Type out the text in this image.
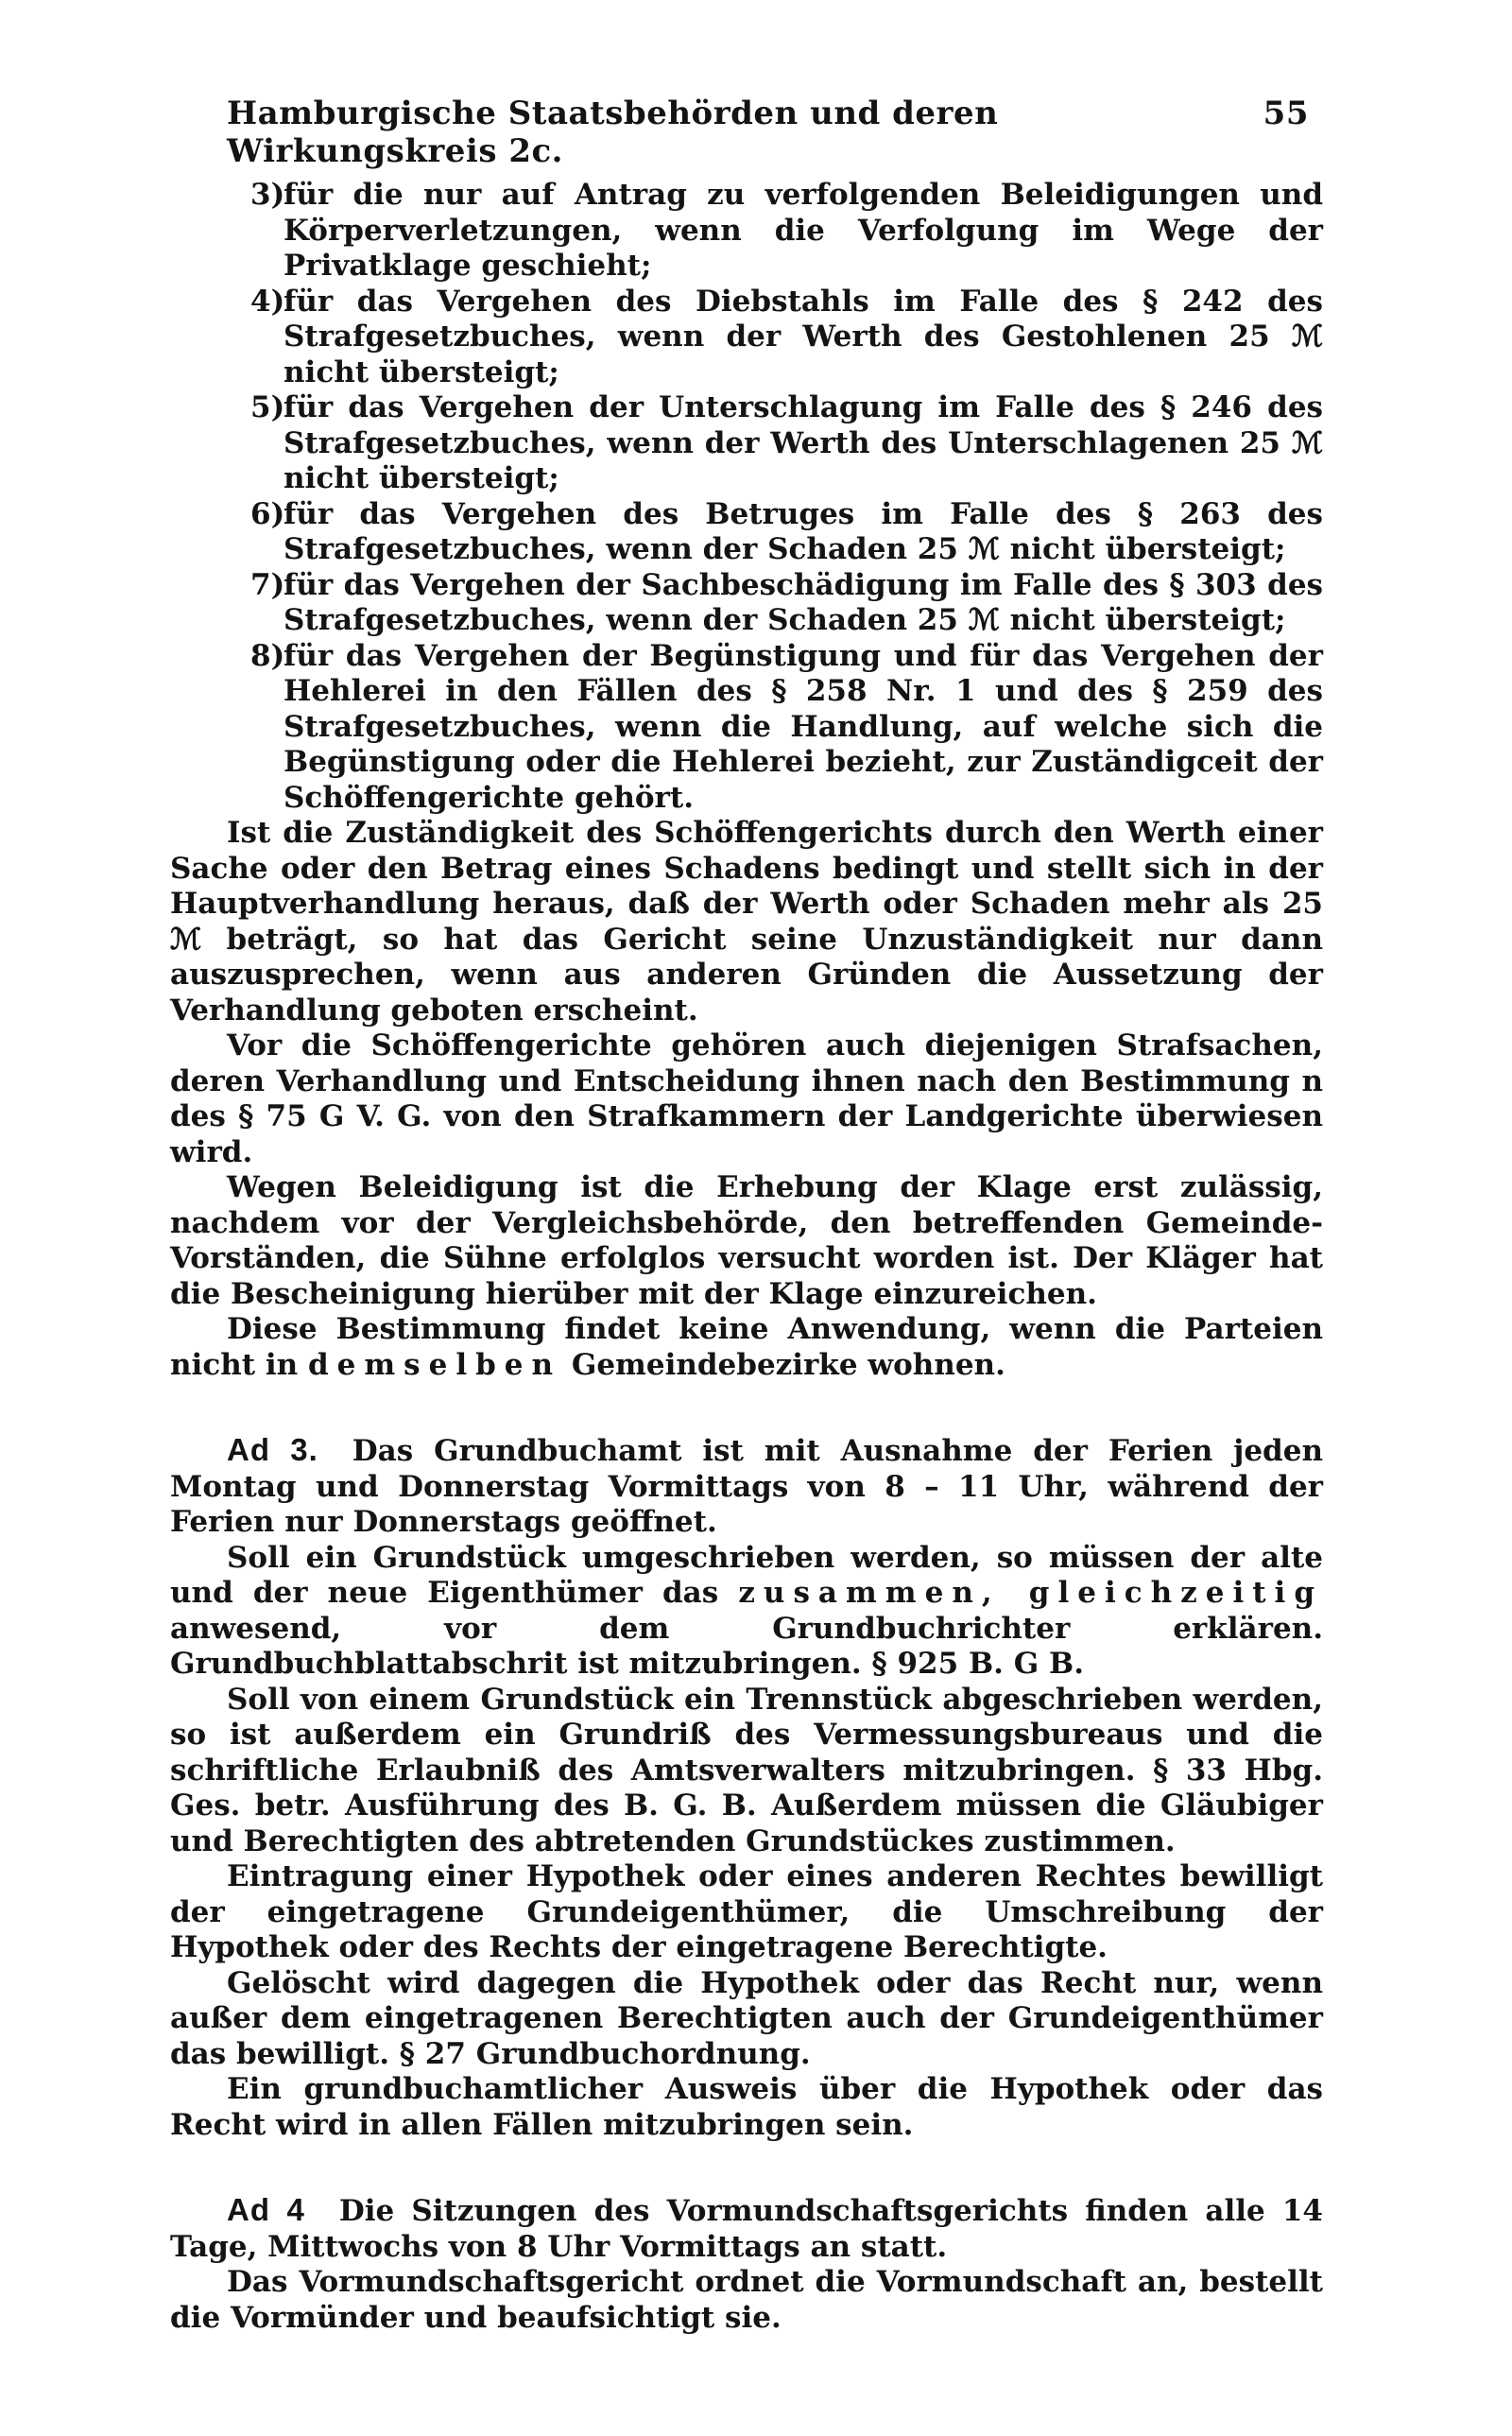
Hamburgische Staatsbehörden und deren Wirkungskreis 2c.
55
3 ) für die nur auf Antrag zu verfolgenden Beleidigungen und Körperverletzungen, wenn die Verfolgung im Wege der Privatklage geschieht;

4 ) für das Vergehen des Diebstahls im Falle des § 242 des Strafgesetzbuches, wenn der Werth des Gestohlenen 25 ℳ nicht übersteigt;

5 ) für das Vergehen der Unterschlagung im Falle des § 246 des Strafgesetzbuches, wenn der Werth des Unterschlagenen 25 ℳ nicht übersteigt;

6 ) für das Vergehen des Betruges im Falle des § 263 des Strafgesetzbuches, wenn der Schaden 25 ℳ nicht übersteigt;

7 ) für das Vergehen der Sachbeschädigung im Falle des § 303 des Strafgesetzbuches, wenn der Schaden 25 ℳ nicht übersteigt;

8 ) für das Vergehen der Begünstigung und für das Vergehen der Hehlerei in den Fällen des § 258 Nr. 1 und des § 259 des Strafgesetzbuches, wenn die Handlung, auf welche sich die Begünstigung oder die Hehlerei bezieht, zur Zuständigceit der Schöffengerichte gehört.

Ist die Zuständigkeit des Schöffengerichts durch den Werth einer Sache oder den Betrag eines Schadens bedingt und stellt sich in der Hauptverhandlung heraus, daß der Werth oder Schaden mehr als 25 ℳ beträgt, so hat das Gericht seine Unzuständigkeit nur dann auszusprechen, wenn aus anderen Gründen die Aussetzung der Verhandlung geboten erscheint.

Vor die Schöffengerichte gehören auch diejenigen Strafsachen, deren Verhandlung und Entscheidung ihnen nach den Bestimmung n des § 75 G V. G. von den Strafkammern der Landgerichte überwiesen wird.

Wegen Beleidigung ist die Erhebung der Klage erst zulässig, nachdem vor der Vergleichsbehörde, den betreffenden Gemeinde-Vorständen, die Sühne erfolglos versucht worden ist. Der Kläger hat die Bescheinigung hierüber mit der Klage einzureichen.

Diese Bestimmung findet keine Anwendung, wenn die Parteien nicht in demselben Gemeindebezirke wohnen.

Ad 3. Das Grundbuchamt ist mit Ausnahme der Ferien jeden Montag und Donnerstag Vormittags von 8 – 11 Uhr, während der Ferien nur Donnerstags geöffnet.

Soll ein Grundstück umgeschrieben werden, so müssen der alte und der neue Eigenthümer das zusammen, gleichzeitig anwesend, vor dem Grundbuchrichter erklären. Grundbuchblattabschrit ist mitzubringen. § 925 B. G B.

Soll von einem Grundstück ein Trennstück abgeschrieben werden, so ist außerdem ein Grundriß des Vermessungsbureaus und die schriftliche Erlaubniß des Amtsverwalters mitzubringen. § 33 Hbg. Ges. betr. Ausführung des B. G. B. Außerdem müssen die Gläubiger und Berechtigten des abtretenden Grundstückes zustimmen.

Eintragung einer Hypothek oder eines anderen Rechtes bewilligt der eingetragene Grundeigenthümer, die Umschreibung der Hypothek oder des Rechts der eingetragene Berechtigte.

Gelöscht wird dagegen die Hypothek oder das Recht nur, wenn außer dem eingetragenen Berechtigten auch der Grundeigenthümer das bewilligt. § 27 Grundbuchordnung.

Ein grundbuchamtlicher Ausweis über die Hypothek oder das Recht wird in allen Fällen mitzubringen sein.

Ad 4 Die Sitzungen des Vormundschaftsgerichts finden alle 14 Tage, Mittwochs von 8 Uhr Vormittags an statt.

Das Vormundschaftsgericht ordnet die Vormundschaft an, bestellt die Vormünder und beaufsichtigt sie.
